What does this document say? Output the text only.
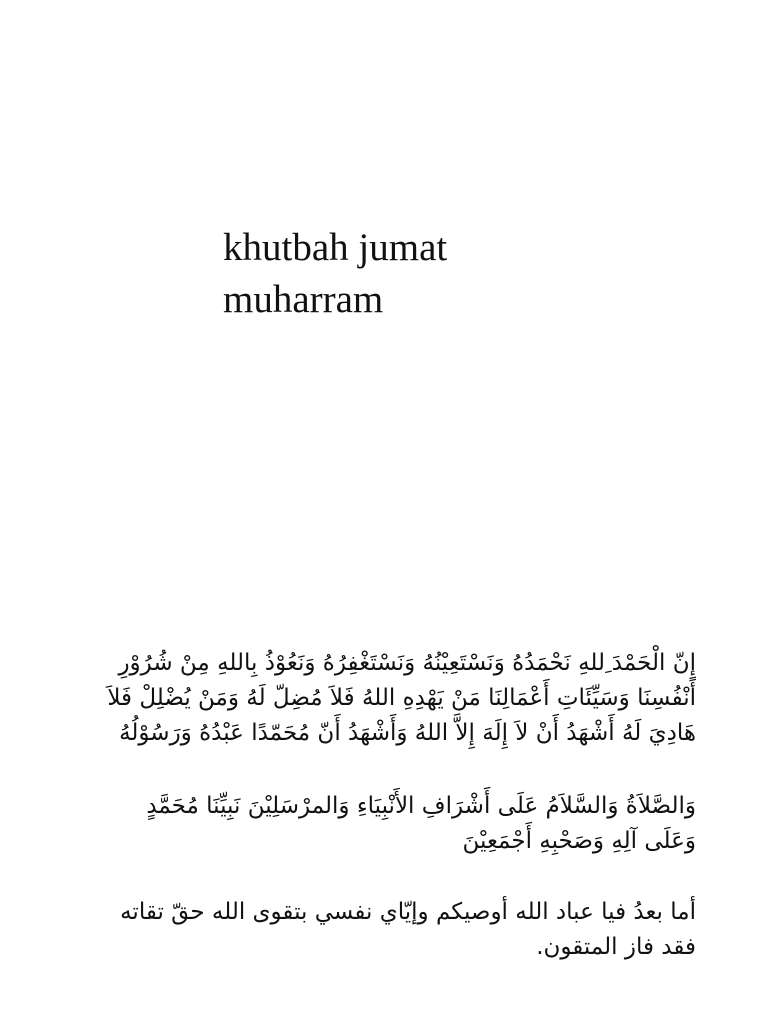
khutbah jumat
muharram
إِنّ الْحَمْدَ ِللهِ نَحْمَدُهُ وَنَسْتَعِيْنُهُ وَنَسْتَغْفِرُهُ وَنَعُوْذُ بِاللهِ مِنْ شُرُوْرِ
أَنْفُسِنَا وَسَيِّئَاتِ أَعْمَالِنَا مَنْ يَهْدِهِ اللهُ فَلاَ مُضِلّ لَهُ وَمَنْ يُضْلِلْ فَلاَ
هَادِيَ لَهُ أَشْهَدُ أَنْ لاَ إِلَهَ إِلاَّ اللهُ وَأَشْهَدُ أَنّ مُحَمّدًا عَبْدُهُ وَرَسُوْلُهُ
وَالصَّلاَةُ وَالسَّلاَمُ عَلَى أَشْرَافِ الأَنْبِيَاءِ وَالمرْسَلِيْنَ نَبِيِّنَا مُحَمَّدٍ
وَعَلَى آلِهِ وَصَحْبِهِ أَجْمَعِيْنَ
أما بعدُ فيا عباد الله أوصيكم وإيّاي نفسي بتقوى الله حقّ تقاته
فقد فاز المتقون.
